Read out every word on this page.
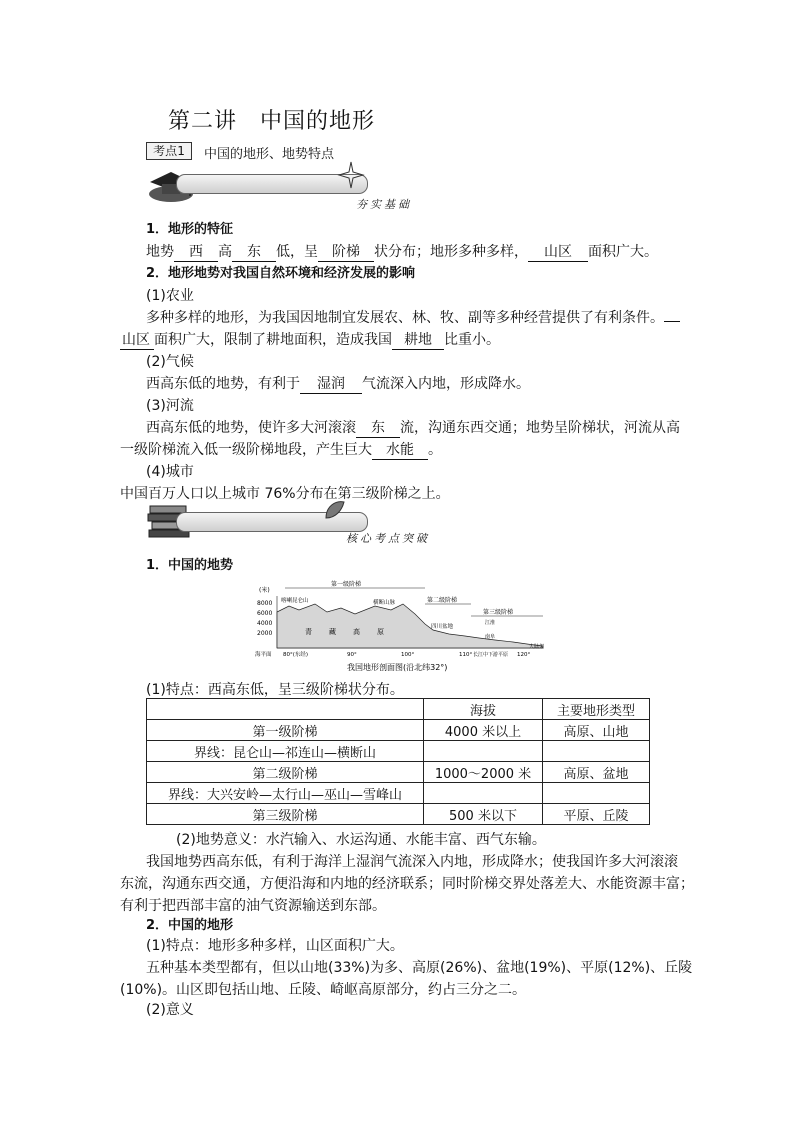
第二讲　中国的地形
考点1	中国的地形、地势特点
夯实基础
1．地形的特征
地势 西 高 东 低，呈 阶梯 状分布；地形多种多样， 山区 面积广大。
2．地形地势对我国自然环境和经济发展的影响
(1)农业
多种多样的地形，为我国因地制宜发展农、林、牧、副等多种经营提供了有利条件。
山区 面积广大，限制了耕地面积，造成我国 耕地 比重小。
(2)气候
西高东低的地势，有利于 湿润 气流深入内地，形成降水。
(3)河流
西高东低的地势，使许多大河滚滚 东 流，沟通东西交通；地势呈阶梯状，河流从高
一级阶梯流入低一级阶梯地段，产生巨大 水能 。
(4)城市
中国百万人口以上城市 76%分布在第三级阶梯之上。
核心考点突破
1．中国的地势
(米)
8000
6000
4000
2000
第一级阶梯
第二级阶梯
第三级阶梯
喀喇昆仑山	横断山脉
四川盆地
南阜
青 藏 高 原
海平面 80°(东经)	90°	100°	110° 长江中下游平原 120°
大陆架
江淮
我国地形剖面图(沿北纬32°)
(1)特点：西高东低，呈三级阶梯状分布。
	海拔	主要地形类型
第一级阶梯	4000 米以上	高原、山地
界线：昆仑山—祁连山—横断山		
第二级阶梯	1000～2000 米	高原、盆地
界线：大兴安岭—太行山—巫山—雪峰山		
第三级阶梯	500 米以下	平原、丘陵
(2)地势意义：水汽输入、水运沟通、水能丰富、西气东输。
我国地势西高东低，有利于海洋上湿润气流深入内地，形成降水；使我国许多大河滚滚
东流，沟通东西交通，方便沿海和内地的经济联系；同时阶梯交界处落差大、水能资源丰富；
有利于把西部丰富的油气资源输送到东部。
2．中国的地形
(1)特点：地形多种多样，山区面积广大。
五种基本类型都有，但以山地(33%)为多、高原(26%)、盆地(19%)、平原(12%)、丘陵
(10%)。山区即包括山地、丘陵、崎岖高原部分，约占三分之二。
(2)意义
